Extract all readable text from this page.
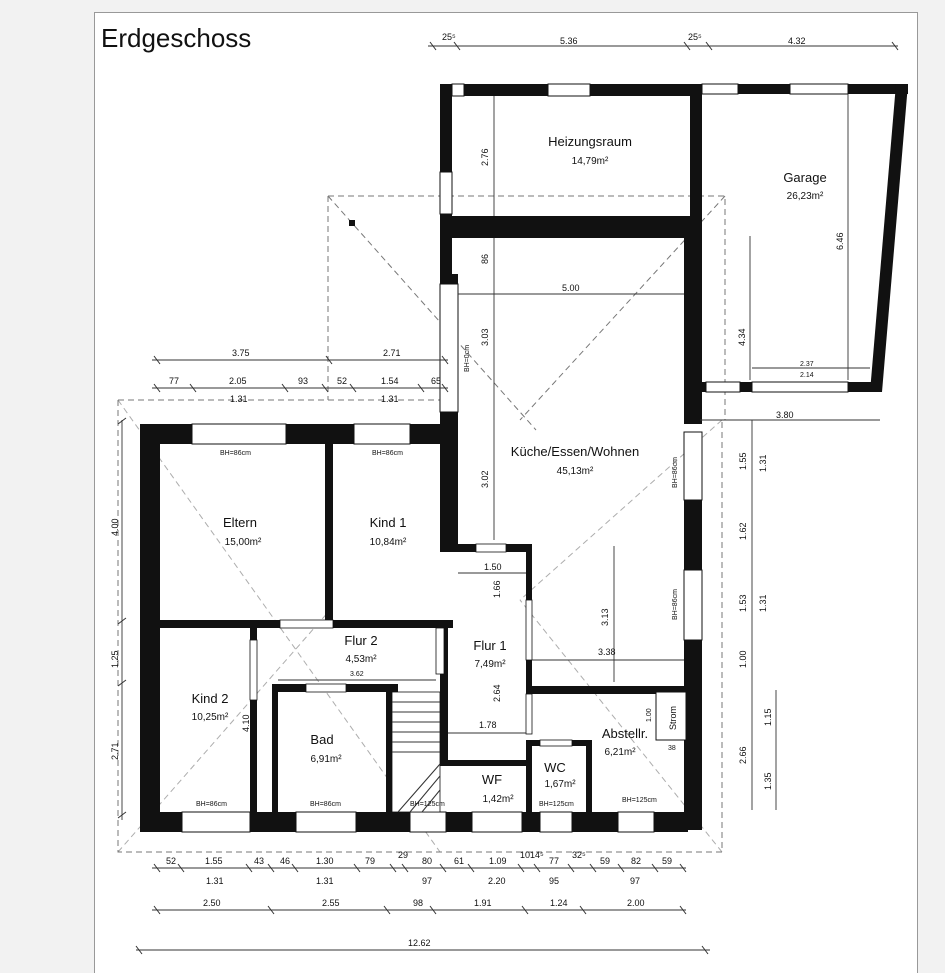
Erdgeschoss
Heizungsraum
14,79m²
Garage
26,23m²
Küche/Essen/Wohnen
45,13m²
Eltern
15,00m²
Kind 1
10,84m²
Kind 2
10,25m²
Flur 2
4,53m²
Flur 1
7,49m²
Bad
6,91m²
Abstellr.
6,21m²
WC
1,67m²
WF
1,42m²
BH=86cm	BH=86cm
BH=86cm	BH=86cm	BH=125cm	BH=125cm
BH=125cm
BH=0cm
BH=86cm
BH=86cm
Strom
25⁵	5.36	25⁵	4.32
3.75	2.71
77	2.05	93	52	1.54	65
1.31	1.31
4.00
1.25
2.71
2.76
86
3.03
5.00
3.02
1.50
1.66
3.13
3.38
2.64
1.78
3.62
4.10	1.00
38
6.46
4.34
2.37
2.14
3.80
1.55 1.31
1.62
1.53 1.31
1.00
1.15
2.66
1.35
52	1.55	43 46	1.30	79
29
80 61	1.09
101 4⁵
77
32⁵
59 82 59
1.31	1.31	97	2.20	95	97
2.50	2.55	98	1.91	1.24	2.00
12.62
